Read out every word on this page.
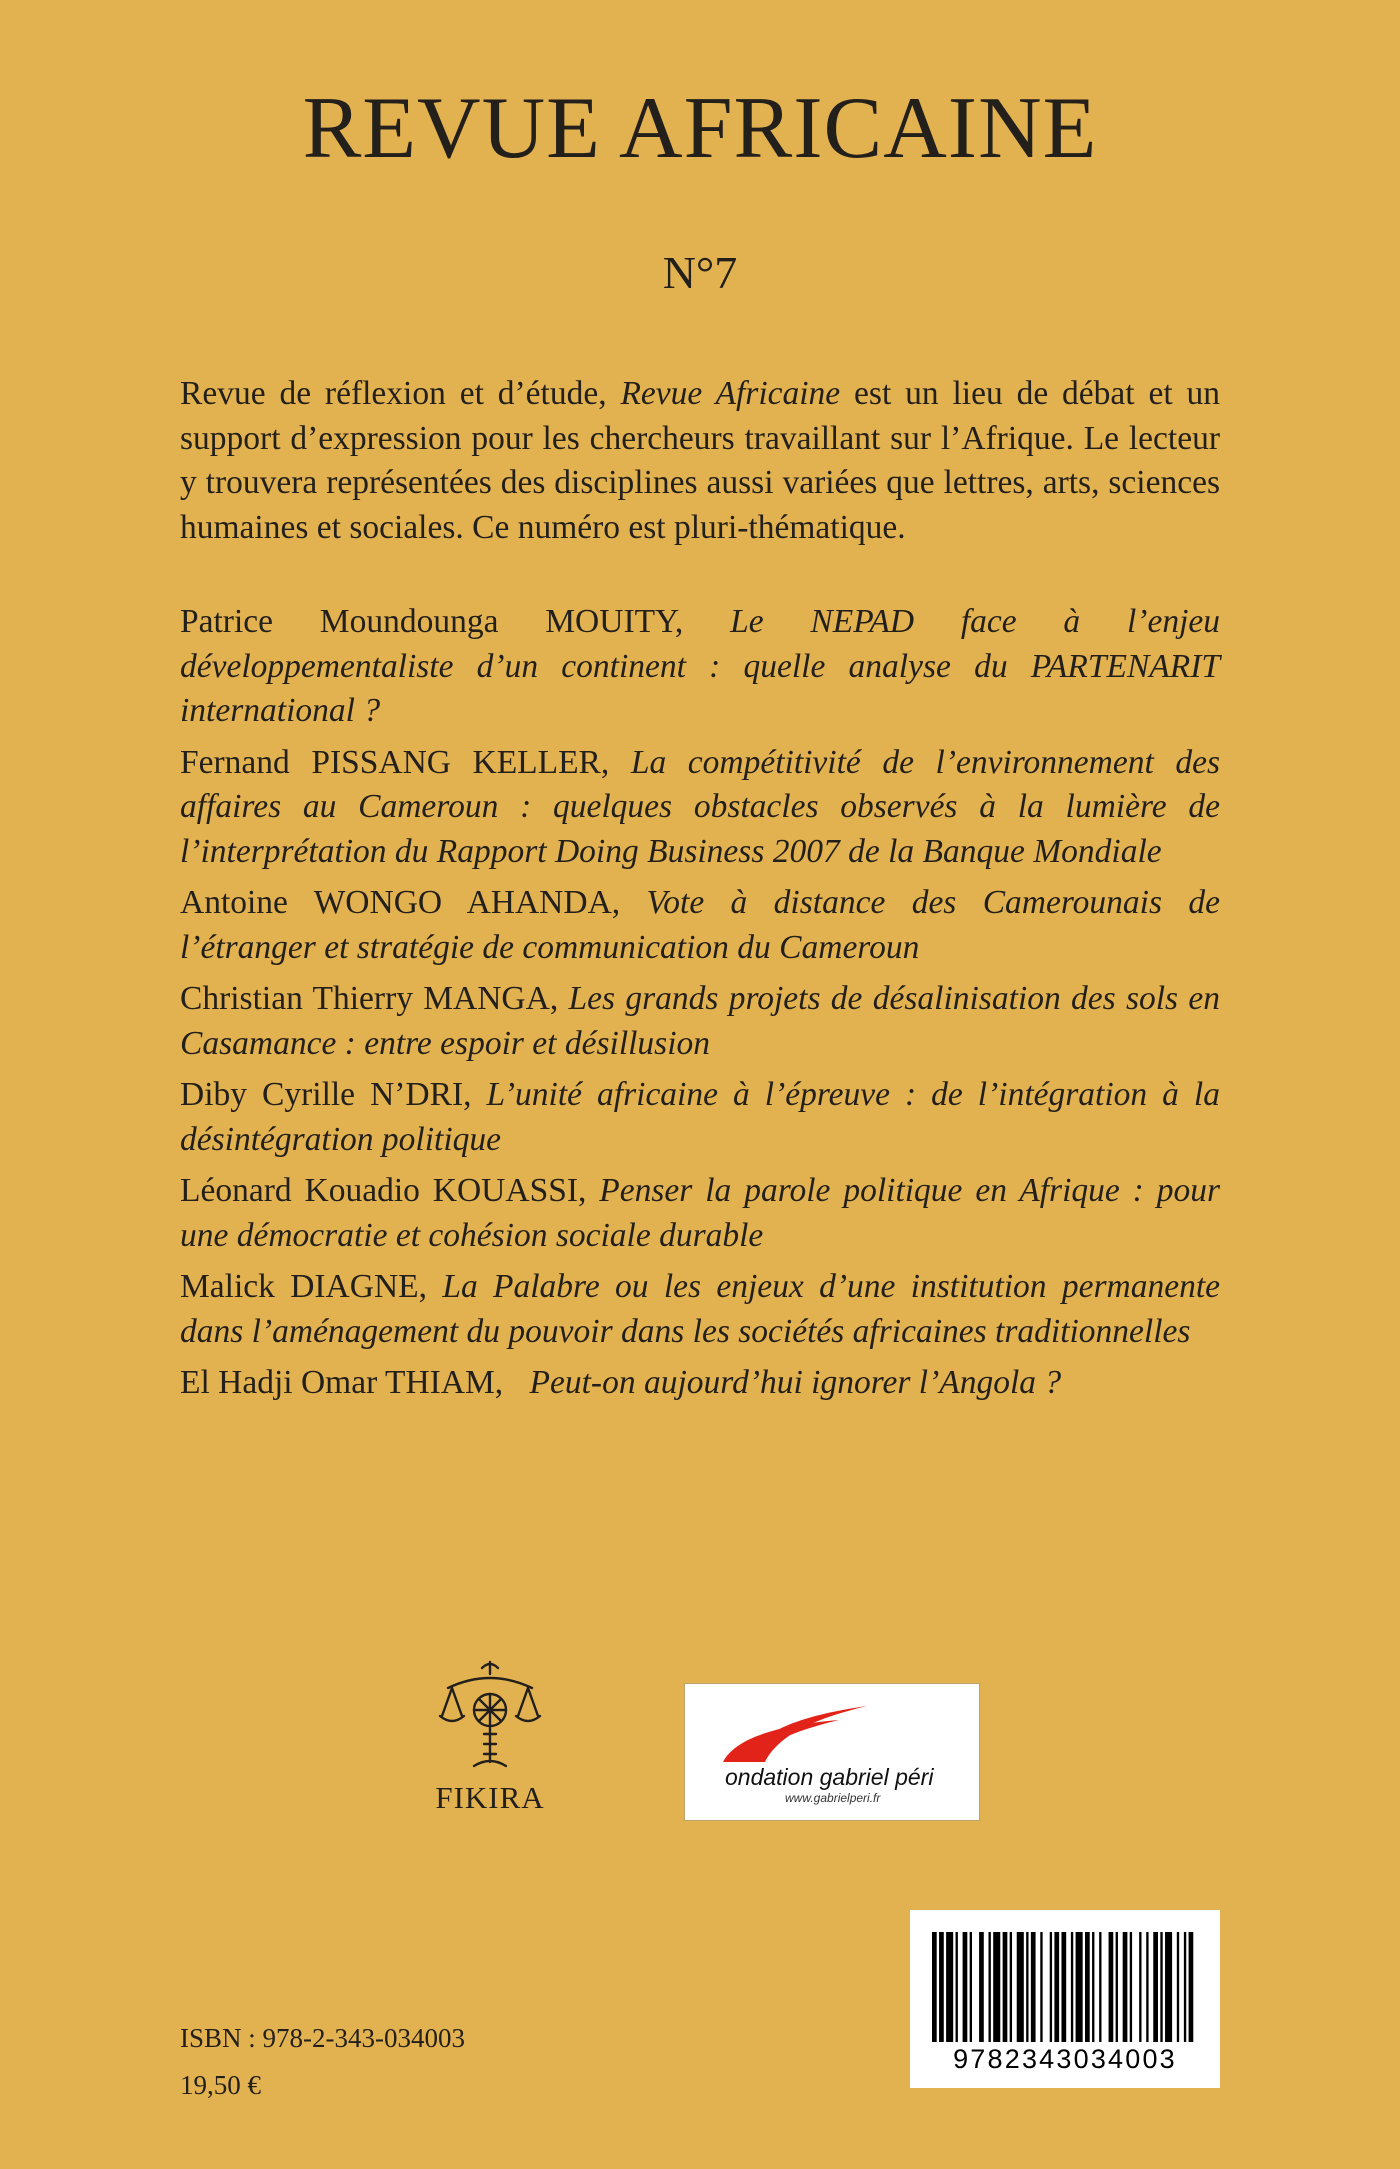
REVUE AFRICAINE
N°7

Revue de réflexion et d’étude, Revue Africaine est un lieu de débat et un support d’expression pour les chercheurs travaillant sur l’Afrique. Le lecteur y trouvera représentées des disciplines aussi variées que lettres, arts, sciences humaines et sociales. Ce numéro est pluri-thématique.

Patrice Moundounga MOUITY, Le NEPAD face à l’enjeu développementaliste d’un continent : quelle analyse du PARTENARIT international ?
Fernand PISSANG KELLER, La compétitivité de l’environnement des affaires au Cameroun : quelques obstacles observés à la lumière de l’interprétation du Rapport Doing Business 2007 de la Banque Mondiale
Antoine WONGO AHANDA, Vote à distance des Camerounais de l’étranger et stratégie de communication du Cameroun
Christian Thierry MANGA, Les grands projets de désalinisation des sols en Casamance : entre espoir et désillusion
Diby Cyrille N’DRI, L’unité africaine à l’épreuve : de l’intégration à la désintégration politique
Léonard Kouadio KOUASSI, Penser la parole politique en Afrique : pour une démocratie et cohésion sociale durable
Malick DIAGNE, La Palabre ou les enjeux d’une institution permanente dans l’aménagement du pouvoir dans les sociétés africaines traditionnelles
El Hadji Omar THIAM, Peut-on aujourd’hui ignorer l’Angola ?
FIKIRA
ondation gabriel péri
www.gabrielperi.fr
ISBN : 978-2-343-034003
19,50 €
9782343034003
